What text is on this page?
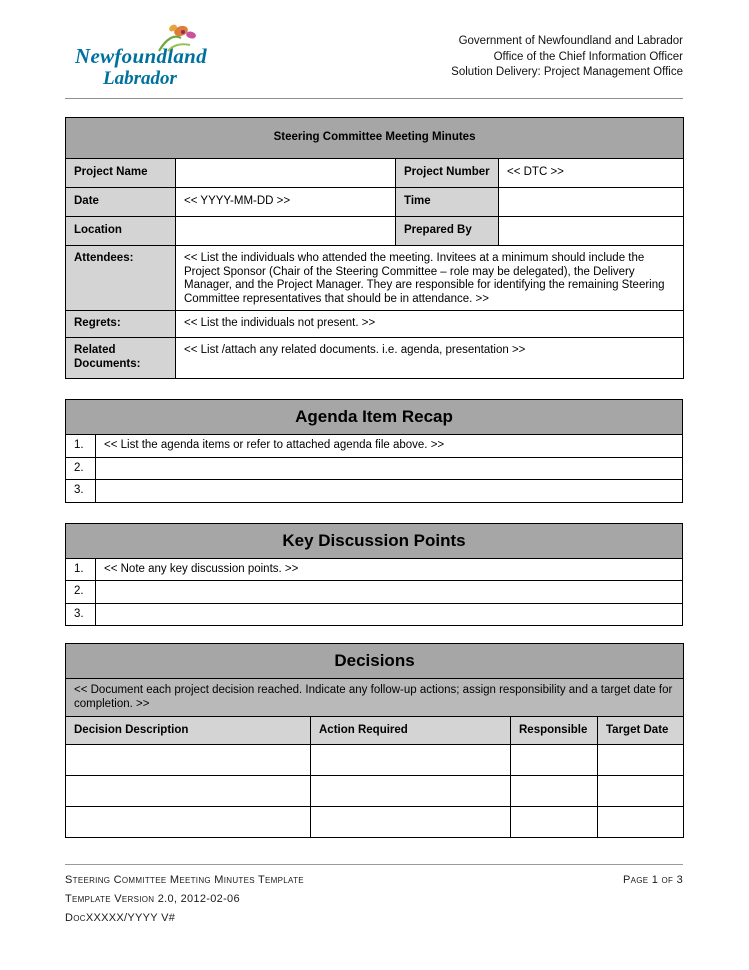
Newfoundland
Labrador
Government of Newfoundland and Labrador
Office of the Chief Information Officer
Solution Delivery: Project Management Office
Steering Committee Meeting Minutes			
Project Name		Project Number	<< DTC >>
Date	<< YYYY-MM-DD >>	Time	
Location		Prepared By	
Attendees:	<< List the individuals who attended the meeting. Invitees at a minimum should include the Project Sponsor (Chair of the Steering Committee – role may be delegated), the Delivery Manager, and the Project Manager. They are responsible for identifying the remaining Steering Committee representatives that should be in attendance. >>		
Regrets:	<< List the individuals not present. >>		
Related Documents:	<< List /attach any related documents. i.e. agenda, presentation >>		
Agenda Item Recap	
1.	<< List the agenda items or refer to attached agenda file above. >>
2.	
3.	
Key Discussion Points	
1.	<< Note any key discussion points. >>
2.	
3.	
Decisions			
<< Document each project decision reached. Indicate any follow-up actions; assign responsibility and a target date for completion. >>			
Decision Description	Action Required	Responsible	Target Date

Steering Committee Meeting Minutes Template
Template Version 2.0, 2012-02-06
DocXXXXX/YYYY V#
Page 1 of 3
